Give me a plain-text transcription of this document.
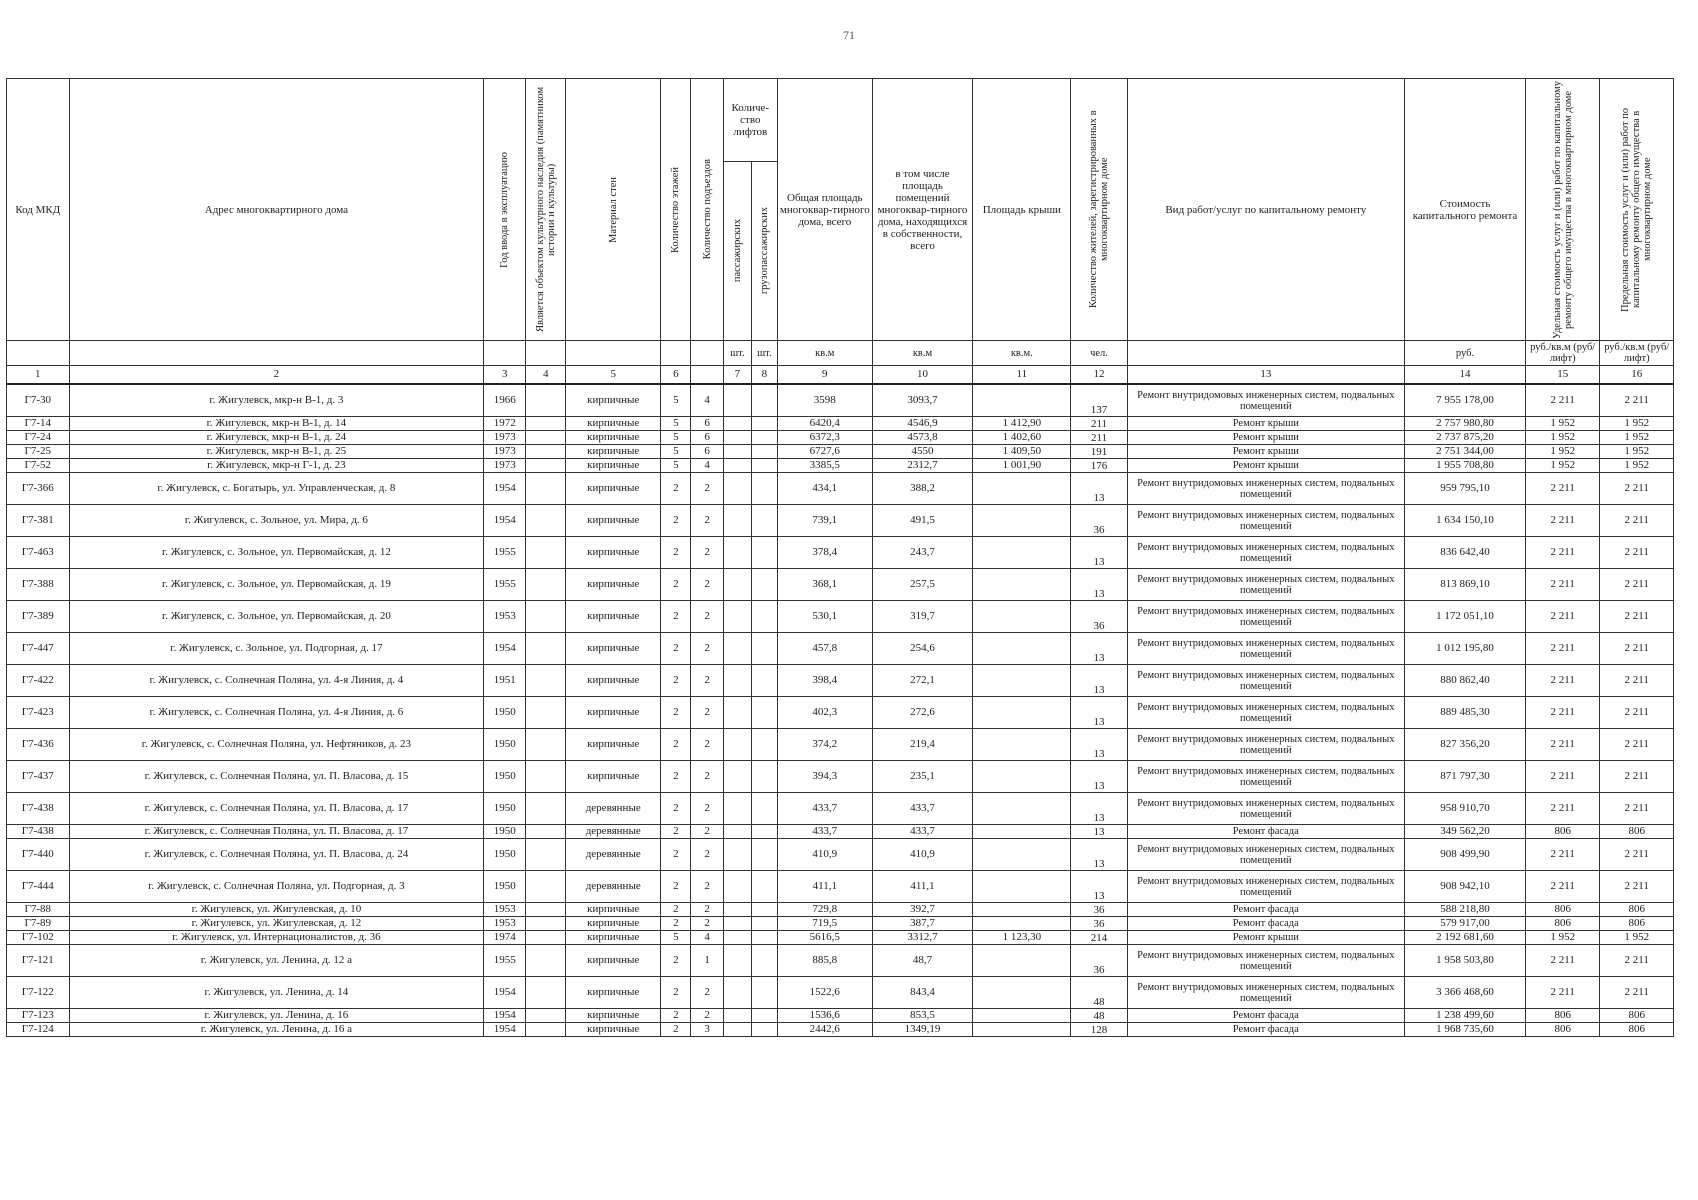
71
Код МКД	Адрес многоквартирного дома	Год ввода в эксплуатацию	Является объектом культурного наследия (памятником истории и культуры)	Материал стен	Количество этажей	Количество подъездов	Количе-ство лифтов		Общая площадь многоквар-тирного дома, всего	в том числе площадь помещений многоквар-тирного дома, находящихся в собственности, всего	Площадь крыши	Количество жителей, зарегистрированных в многоквартирном доме	Вид работ/услуг по капитальному ремонту	Стоимость капитального ремонта	Удельная стоимость услуг и (или) работ по капитальному ремонту общего имущества в многоквартирном доме	Предельная стоимость услуг и (или) работ по капитальному ремонту общего имущества в многоквартирном доме

							пассажирских	грузопассажирских								

							шт.	шт.	кв.м	кв.м	кв.м.	чел.		руб.	руб./кв.м (руб/лифт)	руб./кв.м (руб/лифт)
1	2	3	4	5	6		7	8	9	10	11	12	13	14	15	16
Г7-30	г. Жигулевск, мкр-н В-1, д. 3	1966		кирпичные	5	4			3598	3093,7		137	Ремонт внутридомовых инженерных систем, подвальных помещений	7 955 178,00	2 211	2 211
Г7-14	г. Жигулевск, мкр-н В-1, д. 14	1972		кирпичные	5	6			6420,4	4546,9	1 412,90	211	Ремонт крыши	2 757 980,80	1 952	1 952
Г7-24	г. Жигулевск, мкр-н В-1, д. 24	1973		кирпичные	5	6			6372,3	4573,8	1 402,60	211	Ремонт крыши	2 737 875,20	1 952	1 952
Г7-25	г. Жигулевск, мкр-н В-1, д. 25	1973		кирпичные	5	6			6727,6	4550	1 409,50	191	Ремонт крыши	2 751 344,00	1 952	1 952
Г7-52	г. Жигулевск, мкр-н Г-1, д. 23	1973		кирпичные	5	4			3385,5	2312,7	1 001,90	176	Ремонт крыши	1 955 708,80	1 952	1 952
Г7-366	г. Жигулевск, с. Богатырь, ул. Управленческая, д. 8	1954		кирпичные	2	2			434,1	388,2		13	Ремонт внутридомовых инженерных систем, подвальных помещений	959 795,10	2 211	2 211
Г7-381	г. Жигулевск, с. Зольное, ул. Мира, д. 6	1954		кирпичные	2	2			739,1	491,5		36	Ремонт внутридомовых инженерных систем, подвальных помещений	1 634 150,10	2 211	2 211
Г7-463	г. Жигулевск, с. Зольное, ул. Первомайская, д. 12	1955		кирпичные	2	2			378,4	243,7		13	Ремонт внутридомовых инженерных систем, подвальных помещений	836 642,40	2 211	2 211
Г7-388	г. Жигулевск, с. Зольное, ул. Первомайская, д. 19	1955		кирпичные	2	2			368,1	257,5		13	Ремонт внутридомовых инженерных систем, подвальных помещений	813 869,10	2 211	2 211
Г7-389	г. Жигулевск, с. Зольное, ул. Первомайская, д. 20	1953		кирпичные	2	2			530,1	319,7		36	Ремонт внутридомовых инженерных систем, подвальных помещений	1 172 051,10	2 211	2 211
Г7-447	г. Жигулевск, с. Зольное, ул. Подгорная, д. 17	1954		кирпичные	2	2			457,8	254,6		13	Ремонт внутридомовых инженерных систем, подвальных помещений	1 012 195,80	2 211	2 211
Г7-422	г. Жигулевск, с. Солнечная Поляна, ул. 4-я Линия, д. 4	1951		кирпичные	2	2			398,4	272,1		13	Ремонт внутридомовых инженерных систем, подвальных помещений	880 862,40	2 211	2 211
Г7-423	г. Жигулевск, с. Солнечная Поляна, ул. 4-я Линия, д. 6	1950		кирпичные	2	2			402,3	272,6		13	Ремонт внутридомовых инженерных систем, подвальных помещений	889 485,30	2 211	2 211
Г7-436	г. Жигулевск, с. Солнечная Поляна, ул. Нефтяников, д. 23	1950		кирпичные	2	2			374,2	219,4		13	Ремонт внутридомовых инженерных систем, подвальных помещений	827 356,20	2 211	2 211
Г7-437	г. Жигулевск, с. Солнечная Поляна, ул. П. Власова, д. 15	1950		кирпичные	2	2			394,3	235,1		13	Ремонт внутридомовых инженерных систем, подвальных помещений	871 797,30	2 211	2 211
Г7-438	г. Жигулевск, с. Солнечная Поляна, ул. П. Власова, д. 17	1950		деревянные	2	2			433,7	433,7		13	Ремонт внутридомовых инженерных систем, подвальных помещений	958 910,70	2 211	2 211
Г7-438	г. Жигулевск, с. Солнечная Поляна, ул. П. Власова, д. 17	1950		деревянные	2	2			433,7	433,7		13	Ремонт фасада	349 562,20	806	806
Г7-440	г. Жигулевск, с. Солнечная Поляна, ул. П. Власова, д. 24	1950		деревянные	2	2			410,9	410,9		13	Ремонт внутридомовых инженерных систем, подвальных помещений	908 499,90	2 211	2 211
Г7-444	г. Жигулевск, с. Солнечная Поляна, ул. Подгорная, д. 3	1950		деревянные	2	2			411,1	411,1		13	Ремонт внутридомовых инженерных систем, подвальных помещений	908 942,10	2 211	2 211
Г7-88	г. Жигулевск, ул. Жигулевская, д. 10	1953		кирпичные	2	2			729,8	392,7		36	Ремонт фасада	588 218,80	806	806
Г7-89	г. Жигулевск, ул. Жигулевская, д. 12	1953		кирпичные	2	2			719,5	387,7		36	Ремонт фасада	579 917,00	806	806
Г7-102	г. Жигулевск, ул. Интернационалистов, д. 36	1974		кирпичные	5	4			5616,5	3312,7	1 123,30	214	Ремонт крыши	2 192 681,60	1 952	1 952
Г7-121	г. Жигулевск, ул. Ленина, д. 12 а	1955		кирпичные	2	1			885,8	48,7		36	Ремонт внутридомовых инженерных систем, подвальных помещений	1 958 503,80	2 211	2 211
Г7-122	г. Жигулевск, ул. Ленина, д. 14	1954		кирпичные	2	2			1522,6	843,4		48	Ремонт внутридомовых инженерных систем, подвальных помещений	3 366 468,60	2 211	2 211
Г7-123	г. Жигулевск, ул. Ленина, д. 16	1954		кирпичные	2	2			1536,6	853,5		48	Ремонт фасада	1 238 499,60	806	806
Г7-124	г. Жигулевск, ул. Ленина, д. 16 а	1954		кирпичные	2	3			2442,6	1349,19		128	Ремонт фасада	1 968 735,60	806	806
